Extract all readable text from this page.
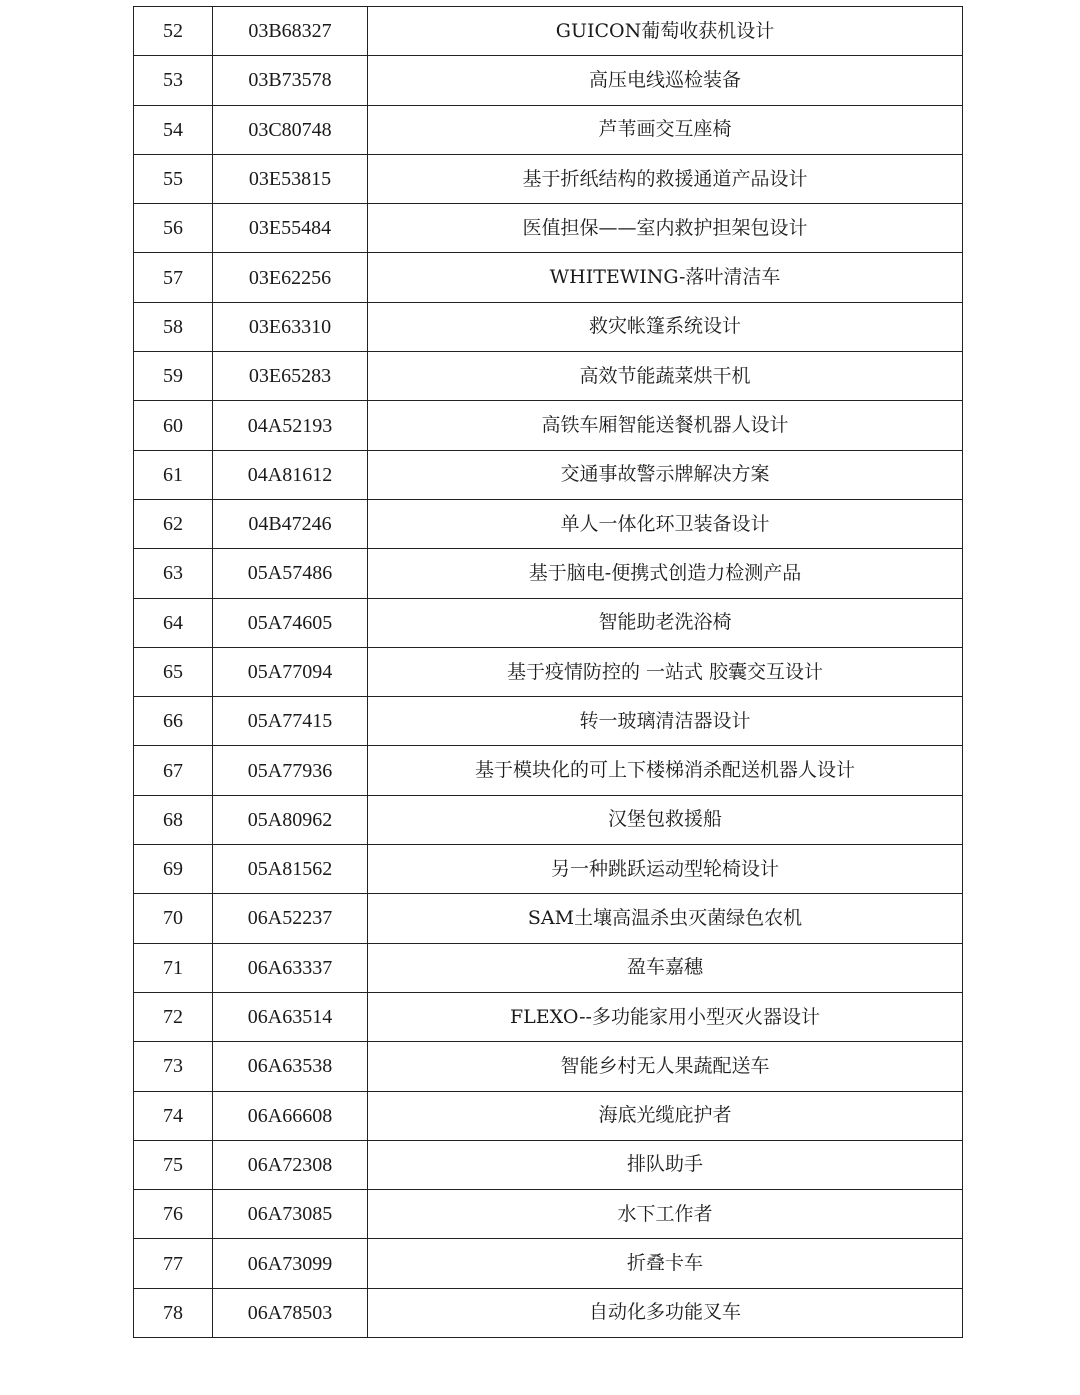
52	03B68327	GUICON葡萄收获机设计
53	03B73578	高压电线巡检装备
54	03C80748	芦苇画交互座椅
55	03E53815	基于折纸结构的救援通道产品设计
56	03E55484	医值担保——室内救护担架包设计
57	03E62256	WHITEWING-落叶清洁车
58	03E63310	救灾帐篷系统设计
59	03E65283	高效节能蔬菜烘干机
60	04A52193	高铁车厢智能送餐机器人设计
61	04A81612	交通事故警示牌解决方案
62	04B47246	单人一体化环卫装备设计
63	05A57486	基于脑电-便携式创造力检测产品
64	05A74605	智能助老洗浴椅
65	05A77094	基于疫情防控的 一站式 胶囊交互设计
66	05A77415	转一玻璃清洁器设计
67	05A77936	基于模块化的可上下楼梯消杀配送机器人设计
68	05A80962	汉堡包救援船
69	05A81562	另一种跳跃运动型轮椅设计
70	06A52237	SAM土壤高温杀虫灭菌绿色农机
71	06A63337	盈车嘉穗
72	06A63514	FLEXO--多功能家用小型灭火器设计
73	06A63538	智能乡村无人果蔬配送车
74	06A66608	海底光缆庇护者
75	06A72308	排队助手
76	06A73085	水下工作者
77	06A73099	折叠卡车
78	06A78503	自动化多功能叉车
